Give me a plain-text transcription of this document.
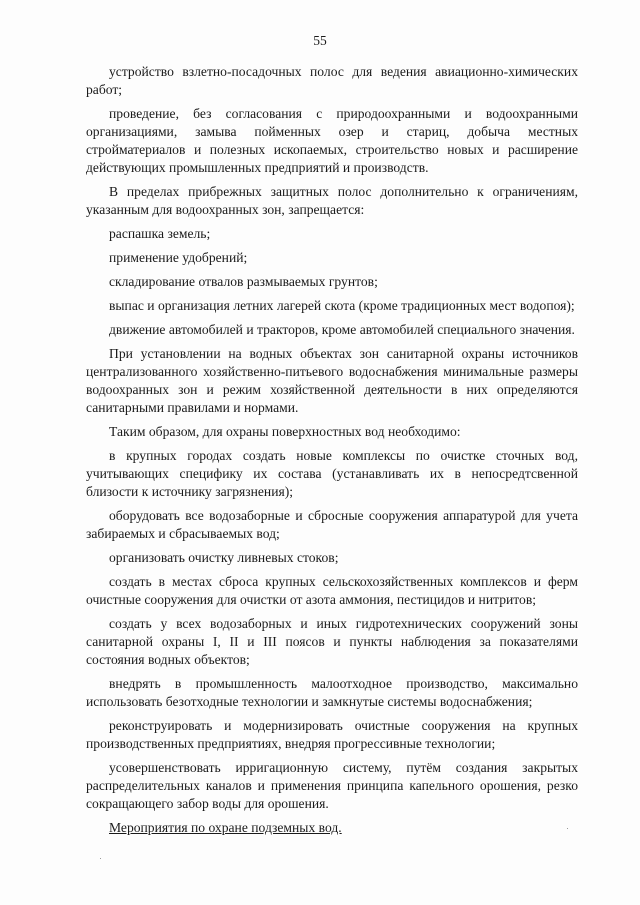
55

устройство взлетно-посадочных полос для ведения авиационно-химических работ;

проведение, без согласования с природоохранными и водоохранными организациями, замыва пойменных озер и стариц, добыча местных стройматериалов и полезных ископаемых, строительство новых и расширение действующих промышленных предприятий и производств.

В пределах прибрежных защитных полос дополнительно к ограничениям, указанным для водоохранных зон, запрещается:

распашка земель;

применение удобрений;

складирование отвалов размываемых грунтов;

выпас и организация летних лагерей скота (кроме традиционных мест водопоя);

движение автомобилей и тракторов, кроме автомобилей специального значения.

При установлении на водных объектах зон санитарной охраны источников централизованного хозяйственно-питьевого водоснабжения минимальные размеры водоохранных зон и режим хозяйственной деятельности в них определяются санитарными правилами и нормами.

Таким образом, для охраны поверхностных вод необходимо:

в крупных городах создать новые комплексы по очистке сточных вод, учитывающих специфику их состава (устанавливать их в непосредтсвенной близости к источнику загрязнения);

оборудовать все водозаборные и сбросные сооружения аппаратурой для учета забираемых и сбрасываемых вод;

организовать очистку ливневых стоков;

создать в местах сброса крупных сельскохозяйственных комплексов и ферм очистные сооружения для очистки от азота аммония, пестицидов и нитритов;

создать у всех водозаборных и иных гидротехнических сооружений зоны санитарной охраны I, II и III поясов и пункты наблюдения за показателями состояния водных объектов;

внедрять в промышленность малоотходное производство, максимально использовать безотходные технологии и замкнутые системы водоснабжения;

реконструировать и модернизировать очистные сооружения на крупных производственных предприятиях, внедряя прогрессивные технологии;

усовершенствовать ирригационную систему, путём создания закрытых распределительных каналов и применения принципа капельного орошения, резко сокращающего забор воды для орошения.

Мероприятия по охране подземных вод.
